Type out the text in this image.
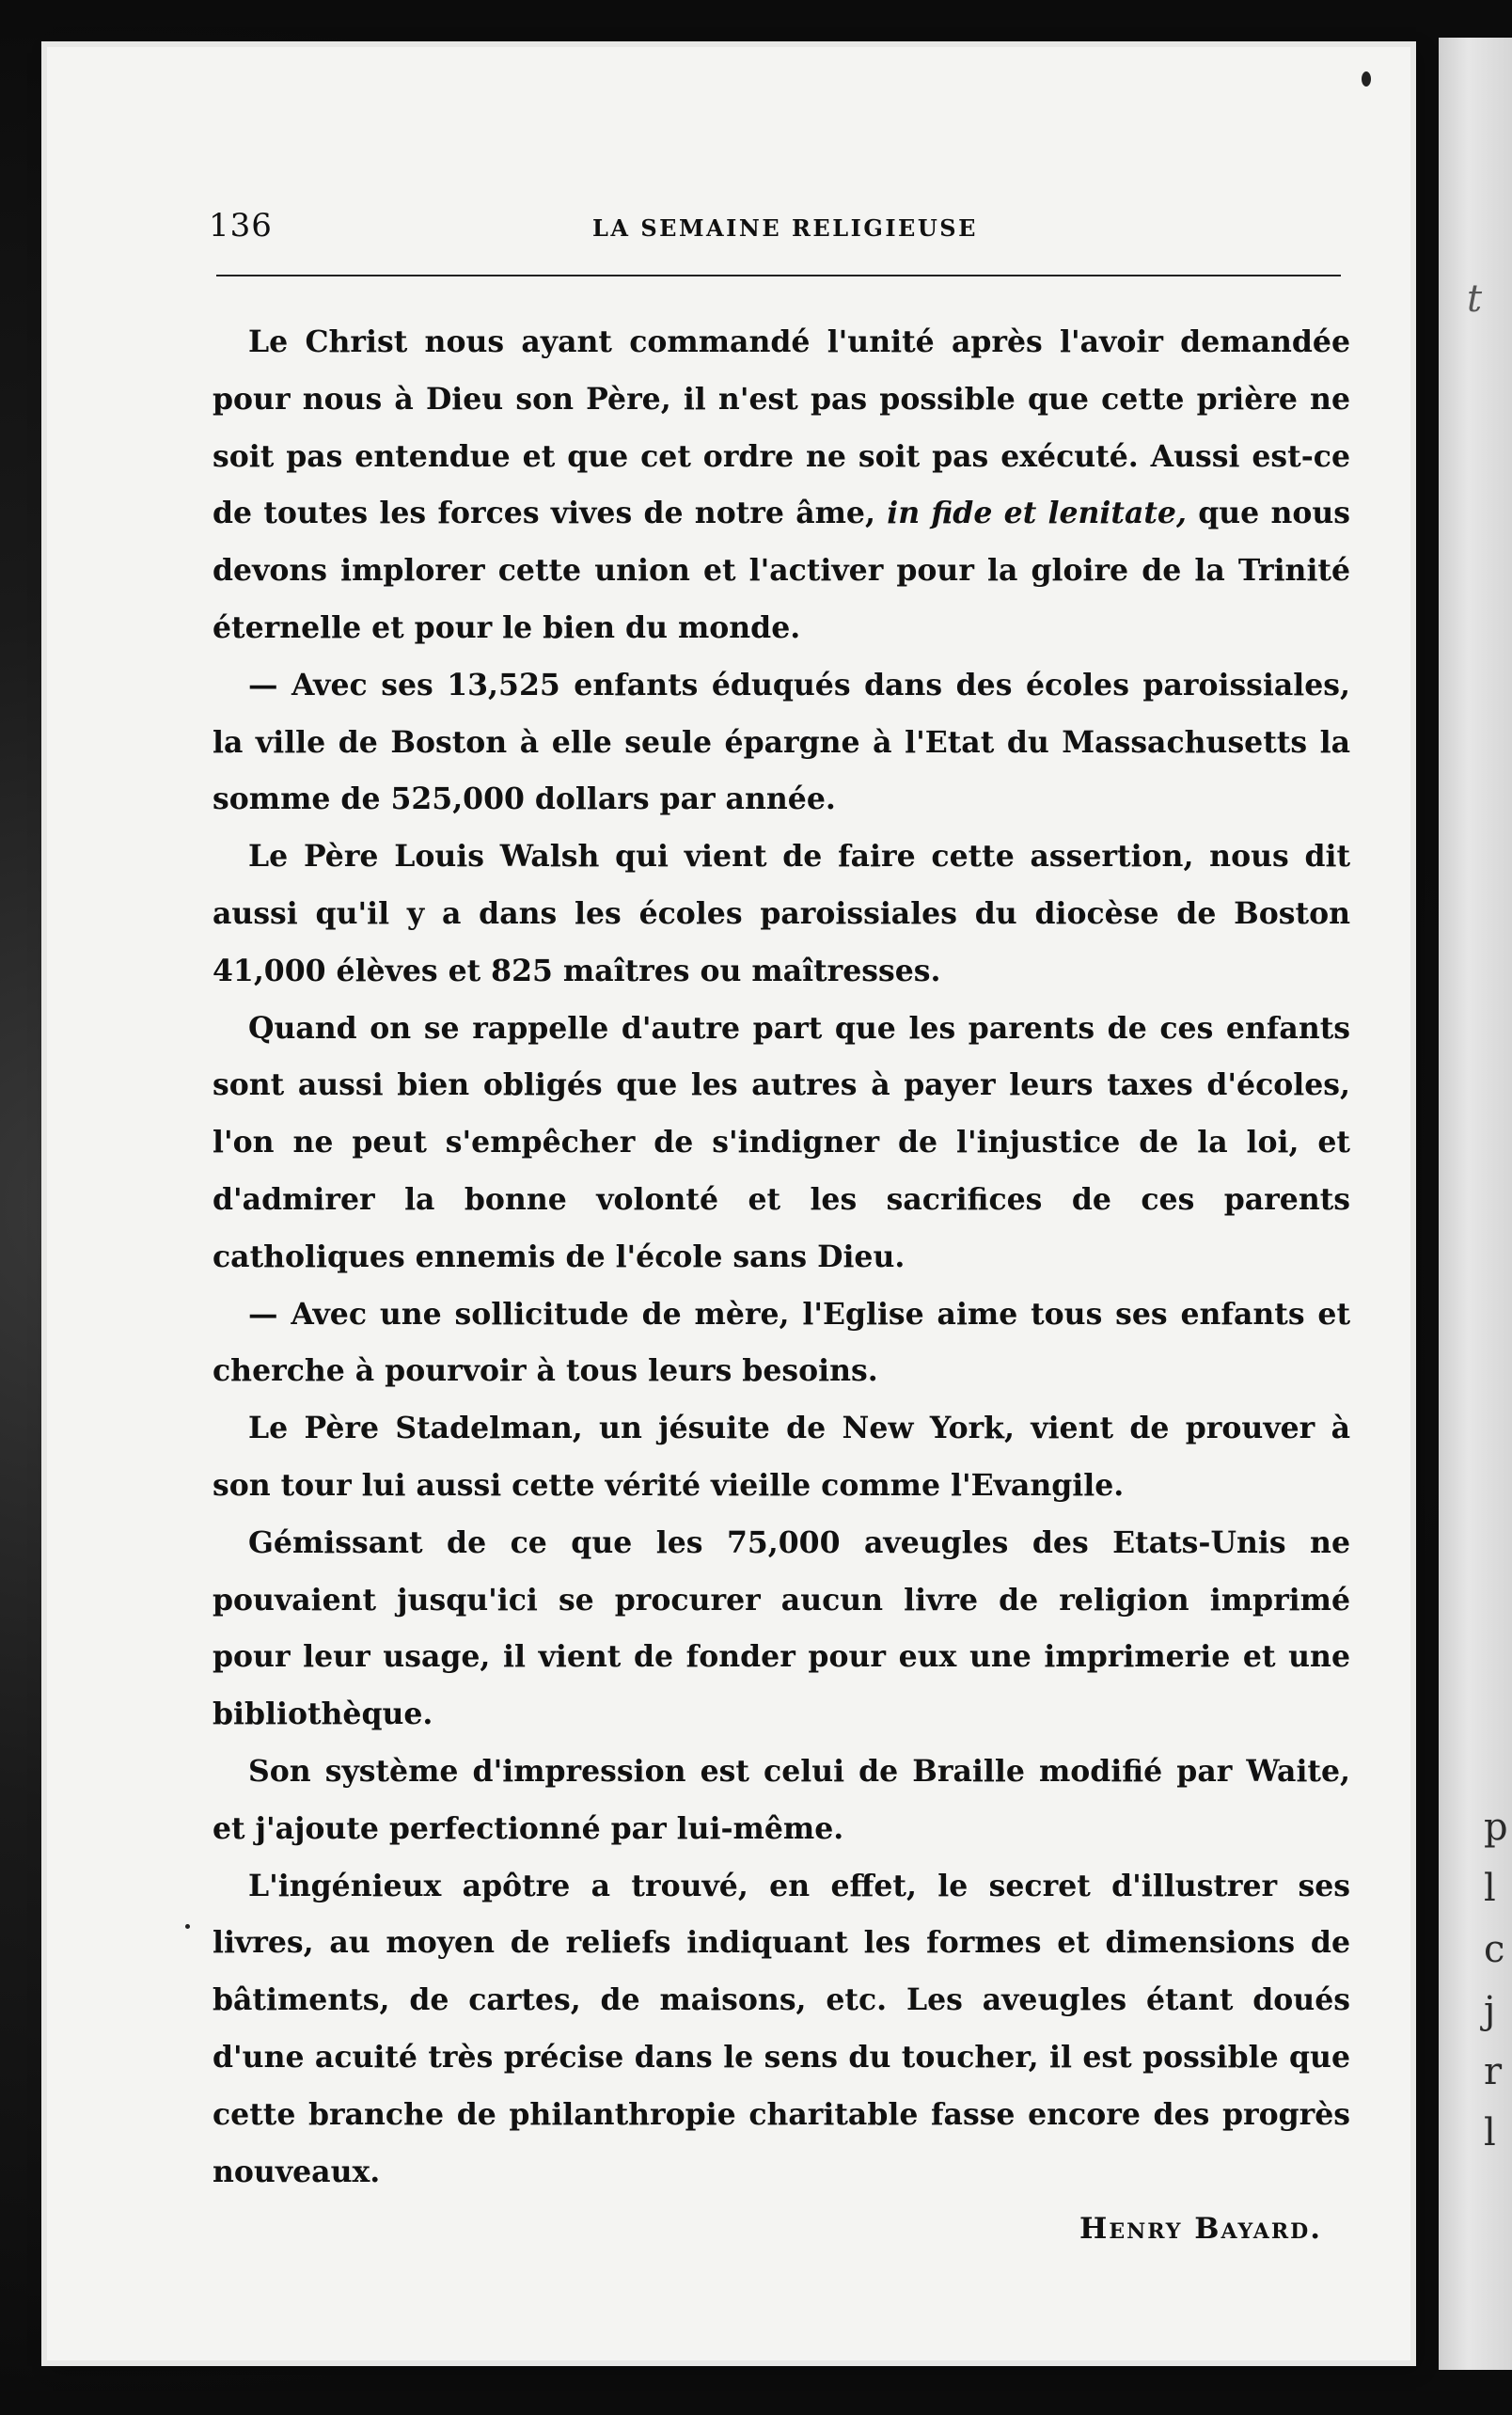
t
p
l
c
j
r
l
136	LA SEMAINE RELIGIEUSE

Le Christ nous ayant commandé l'unité après l'avoir demandée pour nous à Dieu son Père, il n'est pas possible que cette prière ne soit pas entendue et que cet ordre ne soit pas exécuté. Aussi est-ce de toutes les forces vives de notre âme, in fide et lenitate, que nous devons implorer cette union et l'activer pour la gloire de la Trinité éternelle et pour le bien du monde.

— Avec ses 13,525 enfants éduqués dans des écoles paroissiales, la ville de Boston à elle seule épargne à l'Etat du Massachusetts la somme de 525,000 dollars par année.

Le Père Louis Walsh qui vient de faire cette assertion, nous dit aussi qu'il y a dans les écoles paroissiales du diocèse de Boston 41,000 élèves et 825 maîtres ou maîtresses.

Quand on se rappelle d'autre part que les parents de ces enfants sont aussi bien obligés que les autres à payer leurs taxes d'écoles, l'on ne peut s'empêcher de s'indigner de l'injustice de la loi, et d'admirer la bonne volonté et les sacrifices de ces parents catholiques ennemis de l'école sans Dieu.

— Avec une sollicitude de mère, l'Eglise aime tous ses enfants et cherche à pourvoir à tous leurs besoins.

Le Père Stadelman, un jésuite de New York, vient de prouver à son tour lui aussi cette vérité vieille comme l'Evangile.

Gémissant de ce que les 75,000 aveugles des Etats-Unis ne pouvaient jusqu'ici se procurer aucun livre de religion imprimé pour leur usage, il vient de fonder pour eux une imprimerie et une bibliothèque.

Son système d'impression est celui de Braille modifié par Waite, et j'ajoute perfectionné par lui-même.

L'ingénieux apôtre a trouvé, en effet, le secret d'illustrer ses livres, au moyen de reliefs indiquant les formes et dimensions de bâtiments, de cartes, de maisons, etc. Les aveugles étant doués d'une acuité très précise dans le sens du toucher, il est possible que cette branche de philanthropie charitable fasse encore des progrès nouveaux.

Henry Bayard.
